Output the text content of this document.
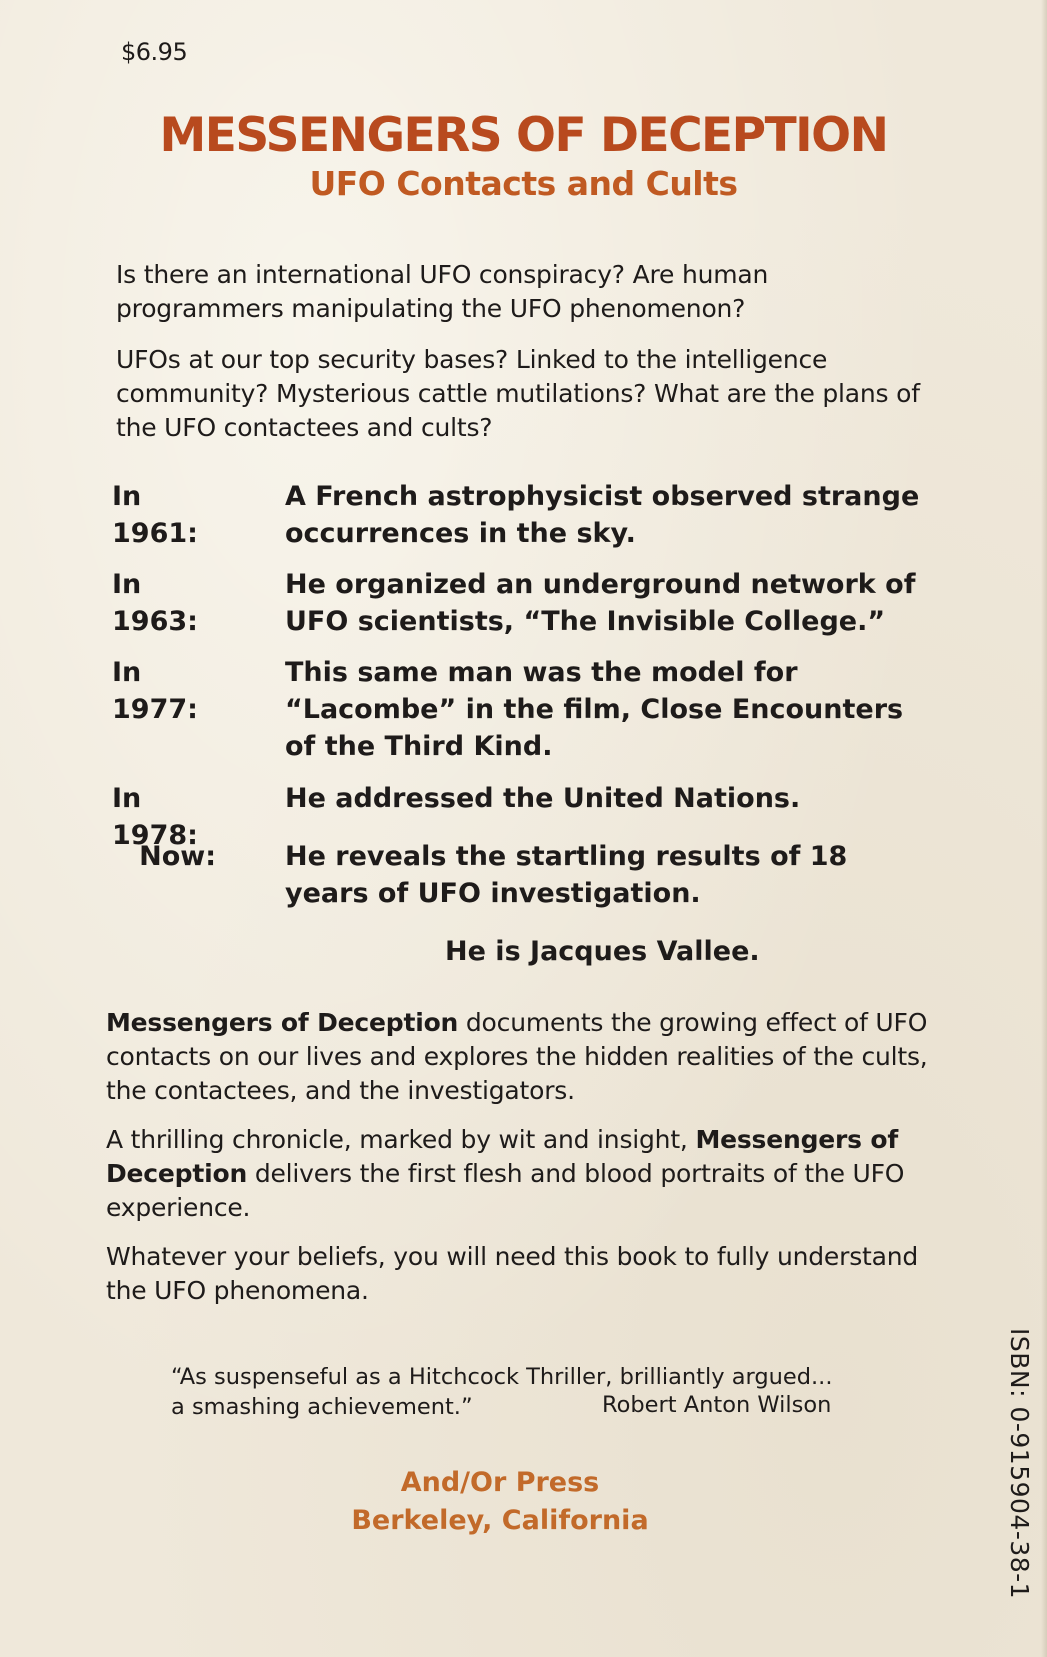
$6.95
MESSENGERS OF DECEPTION
UFO Contacts and Cults
Is there an international UFO conspiracy? Are human programmers manipulating the UFO phenomenon?
UFOs at our top security bases? Linked to the intelligence community? Mysterious cattle mutilations? What are the plans of the UFO contactees and cults?
In 1961:
A French astrophysicist observed strange occurrences in the sky.
In 1963:
He organized an underground network of UFO scientists, “The Invisible College.”
In 1977:
This same man was the model for “Lacombe” in the film, Close Encounters of the Third Kind.
In 1978:
He addressed the United Nations.
Now:	He reveals the startling results of 18 years of UFO investigation.
He is Jacques Vallee.
Messengers of Deception documents the growing effect of UFO contacts on our lives and explores the hidden realities of the cults, the contactees, and the investigators.
A thrilling chronicle, marked by wit and insight, Messengers of Deception delivers the first flesh and blood portraits of the UFO experience.
Whatever your beliefs, you will need this book to fully understand the UFO phenomena.
“As suspenseful as a Hitchcock Thriller, brilliantly argued...
a smashing achievement.”	Robert Anton Wilson
And/Or Press
Berkeley, California	ISBN: 0-915904-38-1
